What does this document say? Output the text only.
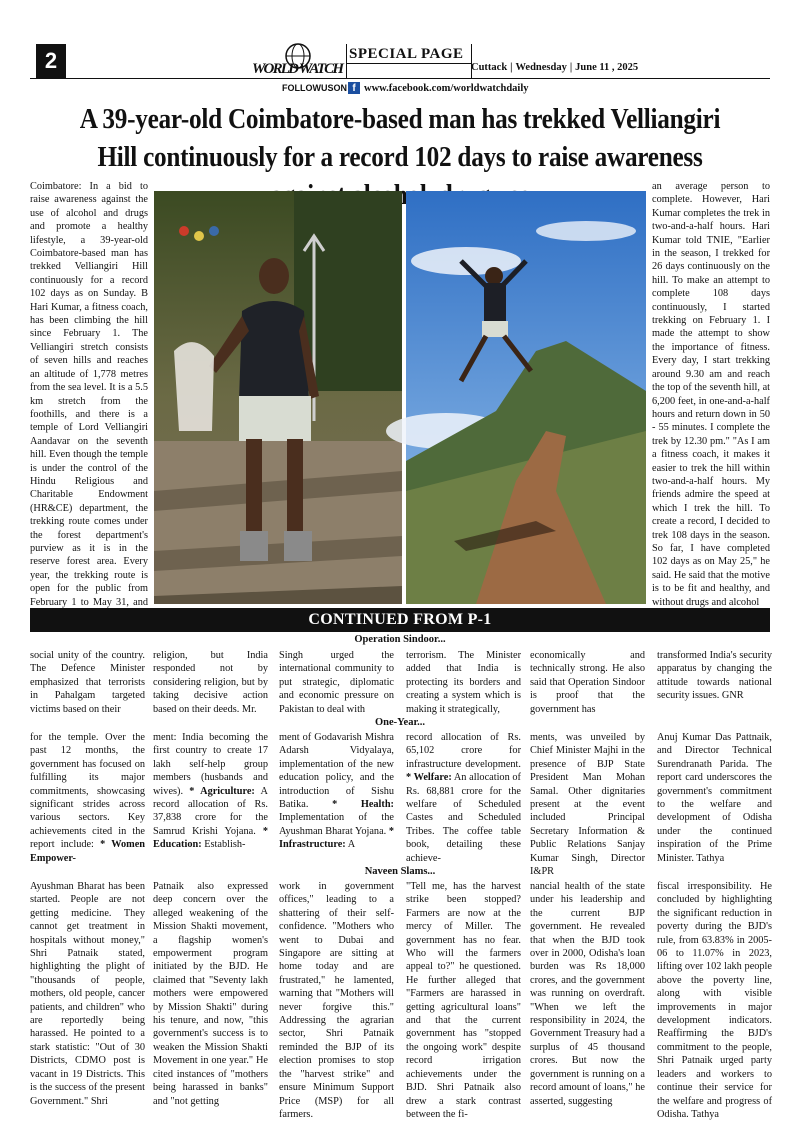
2	WORLD WATCH
SPECIAL PAGE
Cuttack | Wednesday | June 11 , 2025
FOLLOWUSON f www.facebook.com/worldwatchdaily
A 39-year-old Coimbatore-based man has trekked Velliangiri Hill continuously for a record 102 days to raise awareness
Coimbatore: In a bid to raise awareness against the use of alcohol and drugs and promote a healthy lifestyle, a 39-year-old Coimbatore-based man has trekked Velliangiri Hill continuously for a record 102 days as on Sunday. B Hari Kumar, a fitness coach, has been climbing the hill since February 1. The Velliangiri stretch consists of seven hills and reaches an altitude of 1,778 metres from the sea level. It is a 5.5 km stretch from the foothills, and there is a temple of Lord Velliangiri Aandavar on the seventh hill. Even though the temple is under the control of the Hindu Religious and Charitable Endowment (HR&CE) department, the trekking route comes under the forest department's purview as it is in the reserve forest area. Every year, the trekking route is open for the public from February 1 to May 31, and
an average person to complete. However, Hari Kumar completes the trek in two-and-a-half hours. Hari Kumar told TNIE, "Earlier in the season, I trekked for 26 days continuously on the hill. To make an attempt to complete 108 days continuously, I started trekking on February 1. I made the attempt to show the importance of fitness. Every day, I start trekking around 9.30 am and reach the top of the seventh hill, at 6,200 feet, in one-and-a-half hours and return down in 50 - 55 minutes. I complete the trek by 12.30 pm." "As I am a fitness coach, it makes it easier to trek the hill within two-and-a-half hours. My friends admire the speed at which I trek the hill. To create a record, I decided to trek 108 days in the season. So far, I have completed 102 days as on May 25," he said. He said that the motive is to be fit and healthy, and without drugs and alcohol
CONTINUED FROM P-1
Operation Sindoor...
social unity of the country. The Defence Minister emphasized that terrorists in Pahalgam targeted victims based on their
religion, but India responded not by considering religion, but by taking decisive action based on their deeds. Mr.
Singh urged the international community to put strategic, diplomatic and economic pressure on Pakistan to deal with
terrorism. The Minister added that India is protecting its borders and creating a system which is making it strategically,
economically and technically strong. He also said that Operation Sindoor is proof that the government has
transformed India's security apparatus by changing the attitude towards national security issues. GNR
One-Year...
for the temple. Over the past 12 months, the government has focused on fulfilling its major commitments, showcasing significant strides across various sectors. Key achievements cited in the report include: * Women Empower-
ment: India becoming the first country to create 17 lakh self-help group members (husbands and wives). * Agriculture: A record allocation of Rs. 37,838 crore for the Samrud Krishi Yojana. * Education: Establish-
ment of Godavarish Mishra Adarsh Vidyalaya, implementation of the new education policy, and the introduction of Sishu Batika. * Health: Implementation of the Ayushman Bharat Yojana. * Infrastructure: A
record allocation of Rs. 65,102 crore for infrastructure development. * Welfare: An allocation of Rs. 68,881 crore for the welfare of Scheduled Castes and Scheduled Tribes. The coffee table book, detailing these achieve-
ments, was unveiled by Chief Minister Majhi in the presence of BJP State President Man Mohan Samal. Other dignitaries present at the event included Principal Secretary Information & Public Relations Sanjay Kumar Singh, Director I&PR
Anuj Kumar Das Pattnaik, and Director Technical Surendranath Parida. The report card underscores the government's commitment to the welfare and development of Odisha under the continued inspiration of the Prime Minister. Tathya
Naveen Slams...
Ayushman Bharat has been started. People are not getting medicine. They cannot get treatment in hospitals without money," Shri Patnaik stated, highlighting the plight of "thousands of people, mothers, old people, cancer patients, and children" who are reportedly being harassed. He pointed to a stark statistic: "Out of 30 Districts, CDMO post is vacant in 19 Districts. This is the success of the present Government." Shri
Patnaik also expressed deep concern over the alleged weakening of the Mission Shakti movement, a flagship women's empowerment program initiated by the BJD. He claimed that "Seventy lakh mothers were empowered by Mission Shakti" during his tenure, and now, "this government's success is to weaken the Mission Shakti Movement in one year." He cited instances of "mothers being harassed in banks" and "not getting
work in government offices," leading to a shattering of their self-confidence. "Mothers who went to Dubai and Singapore are sitting at home today and are frustrated," he lamented, warning that "Mothers will never forgive this." Addressing the agrarian sector, Shri Patnaik reminded the BJP of its election promises to stop the "harvest strike" and ensure Minimum Support Price (MSP) for all farmers.
"Tell me, has the harvest strike been stopped? Farmers are now at the mercy of Miller. The government has no fear. Who will the farmers appeal to?" he questioned. He further alleged that "Farmers are harassed in getting agricultural loans" and that the current government has "stopped the ongoing work" despite record irrigation achievements under the BJD. Shri Patnaik also drew a stark contrast between the fi-
nancial health of the state under his leadership and the current BJP government. He revealed that when the BJD took over in 2000, Odisha's loan burden was Rs 18,000 crores, and the government was running on overdraft. "When we left the responsibility in 2024, the Government Treasury had a surplus of 45 thousand crores. But now the government is running on a record amount of loans," he asserted, suggesting
fiscal irresponsibility. He concluded by highlighting the significant reduction in poverty during the BJD's rule, from 63.83% in 2005-06 to 11.07% in 2023, lifting over 102 lakh people above the poverty line, along with visible improvements in major development indicators. Reaffirming the BJD's commitment to the people, Shri Patnaik urged party leaders and workers to continue their service for the welfare and progress of Odisha. Tathya
